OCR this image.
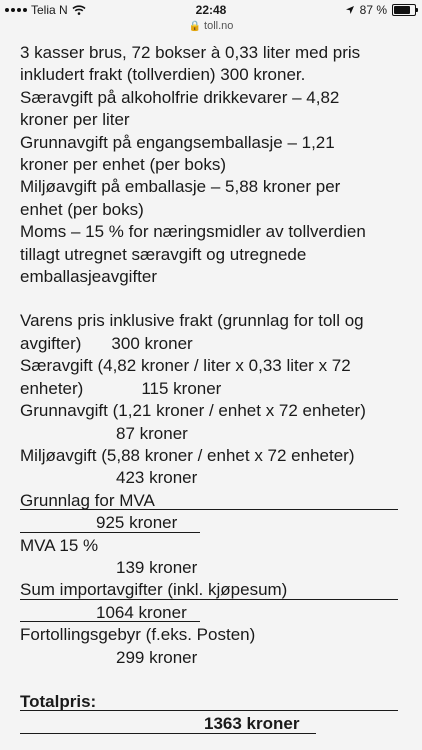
Telia N	22:48	87 %
🔒 toll.no

3 kasser brus, 72 bokser à 0,33 liter med pris

inkludert frakt (tollverdien) 300 kroner.

Særavgift på alkoholfrie drikkevarer – 4,82

kroner per liter

Grunnavgift på engangsemballasje – 1,21

kroner per enhet (per boks)

Miljøavgift på emballasje – 5,88 kroner per

enhet (per boks)

Moms – 15 % for næringsmidler av tollverdien

tillagt utregnet særavgift og utregnede

emballasjeavgifter

Varens pris inklusive frakt (grunnlag for toll og

avgifter) 300 kroner

Særavgift (4,82 kroner / liter x 0,33 liter x 72

enheter)	115 kroner

Grunnavgift (1,21 kroner / enhet x 72 enheter)

87 kroner

Miljøavgift (5,88 kroner / enhet x 72 enheter)

423 kroner

Grunnlag for MVA

925 kroner

MVA 15 %

139 kroner

Sum importavgifter (inkl. kjøpesum)

1064 kroner

Fortollingsgebyr (f.eks. Posten)

299 kroner

Totalpris:

1363 kroner
